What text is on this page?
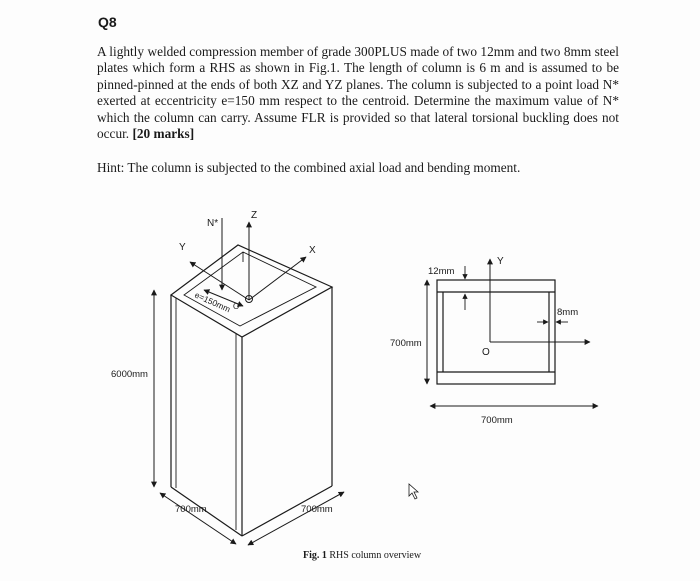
Q8
A lightly welded compression member of grade 300PLUS made of two 12mm and two 8mm steel plates which form a RHS as shown in Fig.1. The length of column is 6 m and is assumed to be pinned-pinned at the ends of both XZ and YZ planes. The column is subjected to a point load N* exerted at eccentricity e=150 mm respect to the centroid. Determine the maximum value of N* which the column can carry. Assume FLR is provided so that lateral torsional buckling does not occur. [20 marks]
Hint: The column is subjected to the combined axial load and bending moment.
N*
Z
Y	X
e=150mm O
6000mm
700mm	700mm
12mm
8mm
700mm
700mm
Y
O
Fig. 1 RHS column overview
